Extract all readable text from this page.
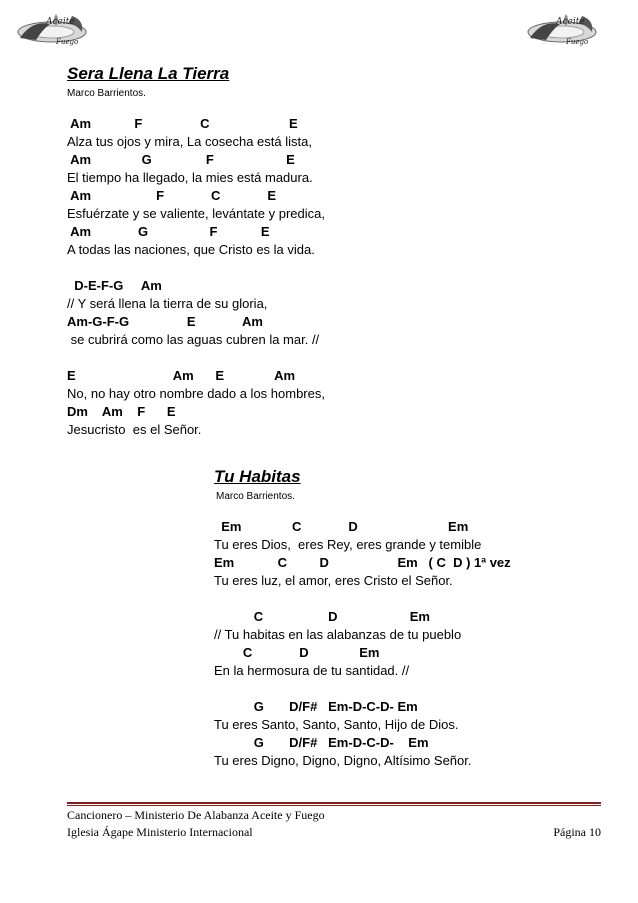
Aceite
Fuego
Aceite
Fuego
Sera Llena La Tierra
Marco Barrientos.
Am            F                C                      E
Alza tus ojos y mira, La cosecha está lista,
Am              G               F                    E
El tiempo ha llegado, la mies está madura.
Am                  F             C             E
Esfuérzate y se valiente, levántate y predica,
Am             G                 F            E
A todas las naciones, que Cristo es la vida.
D-E-F-G     Am
// Y será llena la tierra de su gloria,
Am-G-F-G                E             Am
se cubrirá como las aguas cubren la mar. //
E                           Am      E              Am
No, no hay otro nombre dado a los hombres,
Dm    Am    F      E
Jesucristo  es el Señor.
Tu Habitas
Marco Barrientos.
Em              C             D                         Em
Tu eres Dios,  eres Rey, eres grande y temible
Em            C         D                   Em   ( C  D ) 1ª vez
Tu eres luz, el amor, eres Cristo el Señor.
C                  D                    Em
// Tu habitas en las alabanzas de tu pueblo
C             D              Em
En la hermosura de tu santidad. //
G       D/F#   Em-D-C-D- Em
Tu eres Santo, Santo, Santo, Hijo de Dios.
G       D/F#   Em-D-C-D-    Em
Tu eres Digno, Digno, Digno, Altísimo Señor.
Cancionero – Ministerio De Alabanza Aceite y Fuego
Iglesia Ágape Ministerio Internacional	Página 10
